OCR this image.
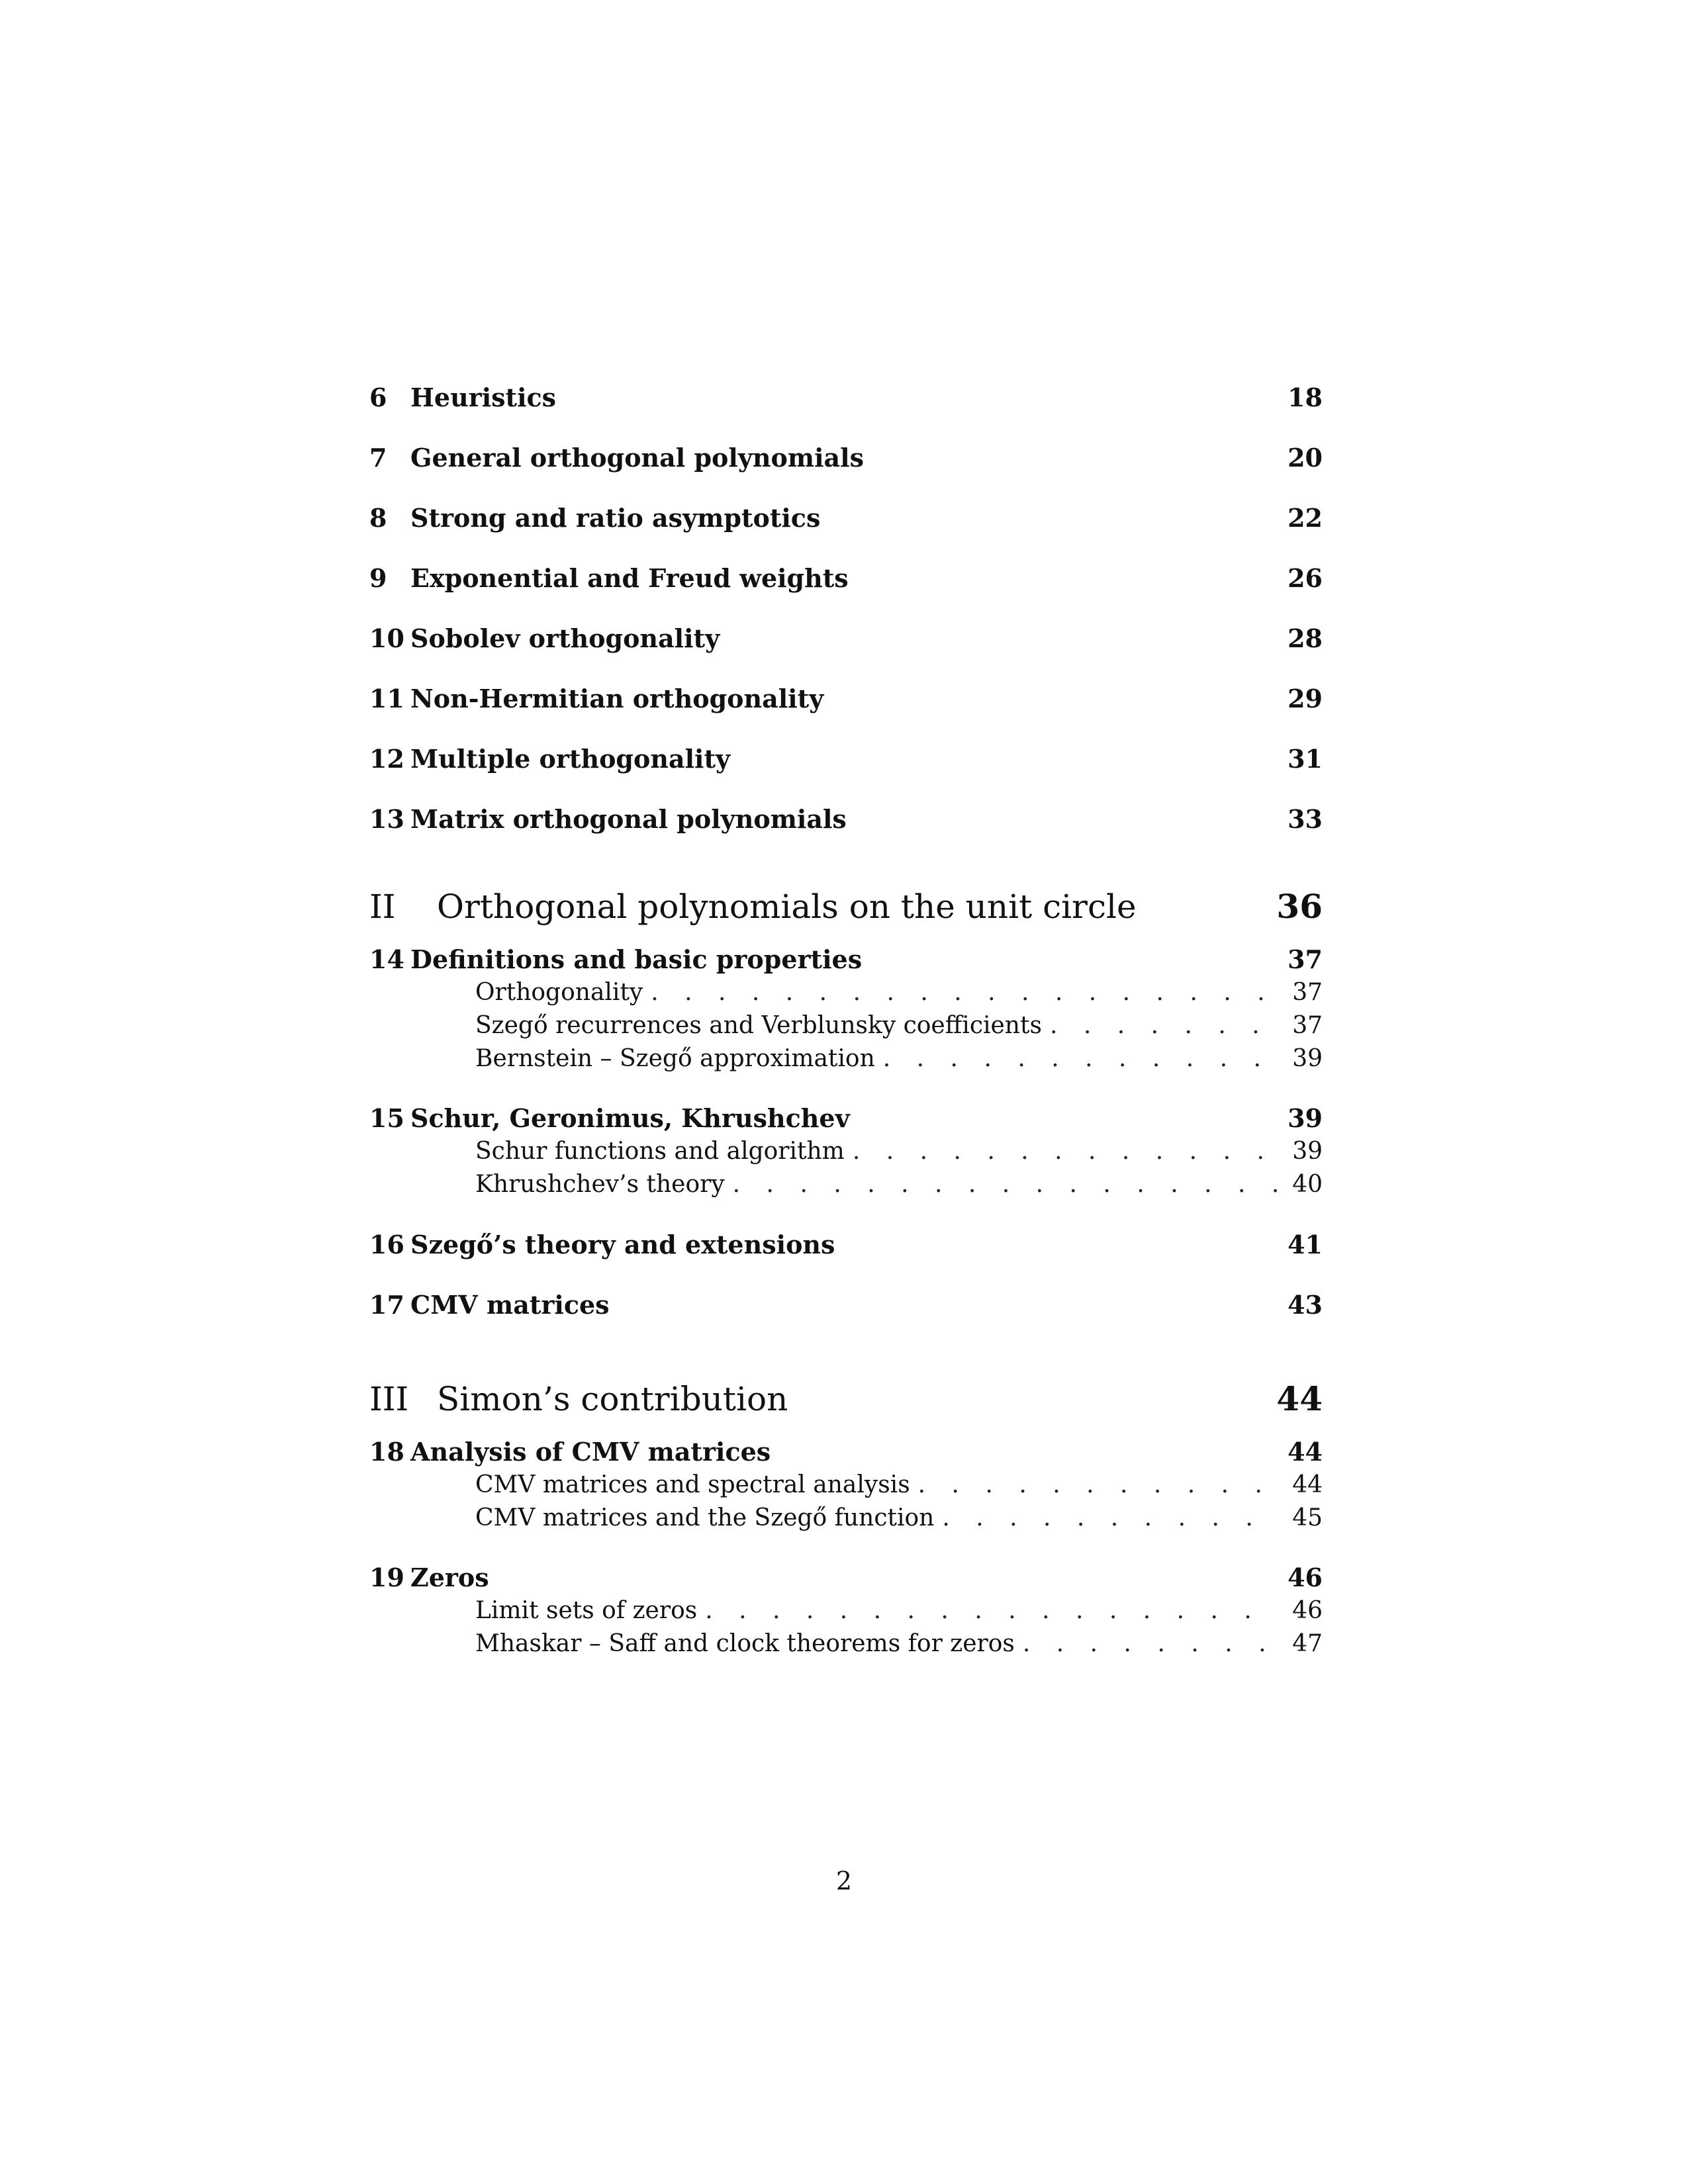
6 Heuristics	18
7 General orthogonal polynomials	20
8 Strong and ratio asymptotics	22
9 Exponential and Freud weights	26
10 Sobolev orthogonality	28
11 Non-Hermitian orthogonality	29
12 Multiple orthogonality	31
13 Matrix orthogonal polynomials	33
II	Orthogonal polynomials on the unit circle	36
14 Definitions and basic properties	37
Orthogonality . . .	37
Szegő recurrences and Verblunsky coefficients . . .	37
Bernstein – Szegő approximation . . .	39
15 Schur, Geronimus, Khrushchev	39
Schur functions and algorithm . . .	39
Khrushchev’s theory . . .	40
16 Szegő’s theory and extensions	41
17 CMV matrices	43
III Simon’s contribution	44
18 Analysis of CMV matrices	44
CMV matrices and spectral analysis . . .	44
CMV matrices and the Szegő function . . .	45
19 Zeros	46
Limit sets of zeros . . .	46
Mhaskar – Saff and clock theorems for zeros . . .	47
2
